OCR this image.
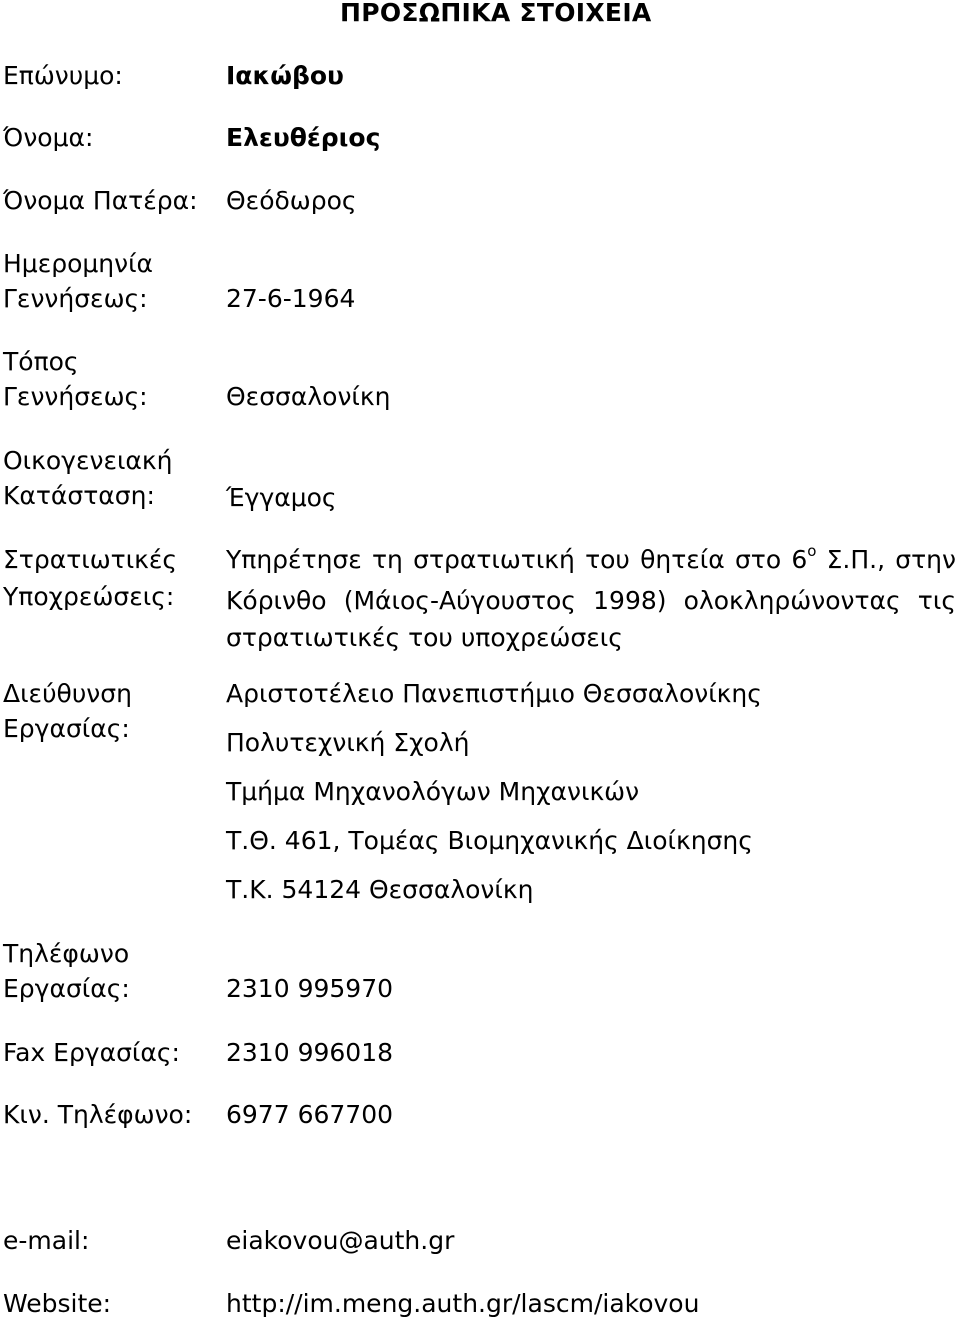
ΠΡΟΣΩΠΙΚΑ ΣΤΟΙΧΕΙΑ
Επώνυμο:	Ιακώβου
Όνομα:	Ελευθέριος
Όνομα Πατέρα: Θεόδωρος
Ημερομηνία
Γεννήσεως:	27-6-1964
Τόπος
Γεννήσεως:	Θεσσαλονίκη
Οικογενειακή
Κατάσταση:	Έγγαμος
Στρατιωτικές
Υποχρεώσεις:
Υπηρέτησε τη στρατιωτική του θητεία στο $6^o$ Σ.Π., στην Κόρινθο (Μάιος-Αύγουστος 1998) ολοκληρώνοντας τις στρατιωτικές του υποχρεώσεις
Διεύθυνση
Εργασίας:
Αριστοτέλειο Πανεπιστήμιο Θεσσαλονίκης
Πολυτεχνική Σχολή
Τμήμα Μηχανολόγων Μηχανικών
Τ.Θ. 461, Τομέας Βιομηχανικής Διοίκησης
Τ.Κ. 54124 Θεσσαλονίκη
Τηλέφωνο
Εργασίας:	2310 995970
Fax Εργασίας: 2310 996018
Κιν. Τηλέφωνο: 6977 667700
e-mail:	eiakovou@auth.gr
Website:	http://im.meng.auth.gr/lascm/iakovou
